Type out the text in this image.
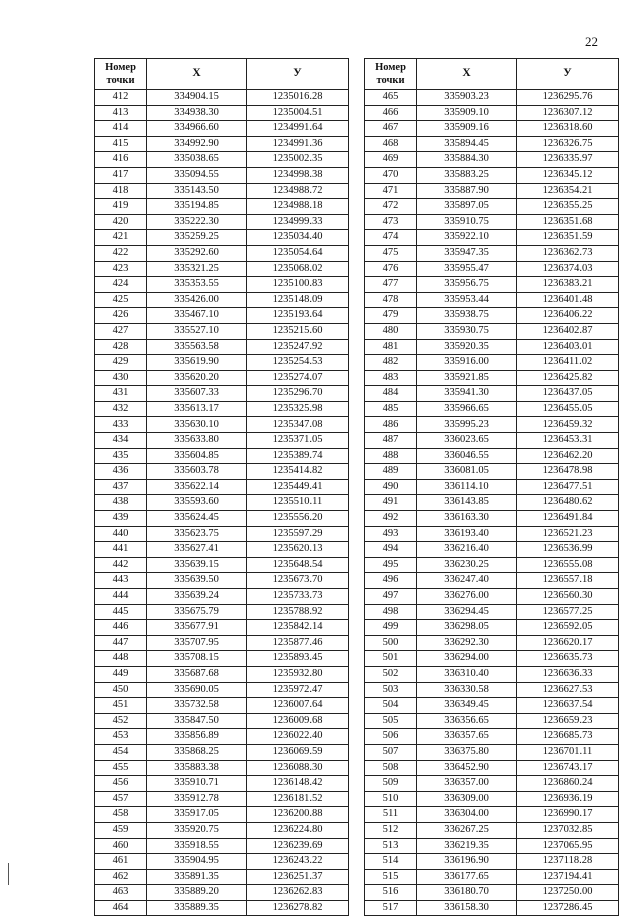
22
Номер
точки	X	У
412	334904.15	1235016.28
413	334938.30	1235004.51
414	334966.60	1234991.64
415	334992.90	1234991.36
416	335038.65	1235002.35
417	335094.55	1234998.38
418	335143.50	1234988.72
419	335194.85	1234988.18
420	335222.30	1234999.33
421	335259.25	1235034.40
422	335292.60	1235054.64
423	335321.25	1235068.02
424	335353.55	1235100.83
425	335426.00	1235148.09
426	335467.10	1235193.64
427	335527.10	1235215.60
428	335563.58	1235247.92
429	335619.90	1235254.53
430	335620.20	1235274.07
431	335607.33	1235296.70
432	335613.17	1235325.98
433	335630.10	1235347.08
434	335633.80	1235371.05
435	335604.85	1235389.74
436	335603.78	1235414.82
437	335622.14	1235449.41
438	335593.60	1235510.11
439	335624.45	1235556.20
440	335623.75	1235597.29
441	335627.41	1235620.13
442	335639.15	1235648.54
443	335639.50	1235673.70
444	335639.24	1235733.73
445	335675.79	1235788.92
446	335677.91	1235842.14
447	335707.95	1235877.46
448	335708.15	1235893.45
449	335687.68	1235932.80
450	335690.05	1235972.47
451	335732.58	1236007.64
452	335847.50	1236009.68
453	335856.89	1236022.40
454	335868.25	1236069.59
455	335883.38	1236088.30
456	335910.71	1236148.42
457	335912.78	1236181.52
458	335917.05	1236200.88
459	335920.75	1236224.80
460	335918.55	1236239.69
461	335904.95	1236243.22
462	335891.35	1236251.37
463	335889.20	1236262.83
464	335889.35	1236278.82
Номер
точки	X	У
465	335903.23	1236295.76
466	335909.10	1236307.12
467	335909.16	1236318.60
468	335894.45	1236326.75
469	335884.30	1236335.97
470	335883.25	1236345.12
471	335887.90	1236354.21
472	335897.05	1236355.25
473	335910.75	1236351.68
474	335922.10	1236351.59
475	335947.35	1236362.73
476	335955.47	1236374.03
477	335956.75	1236383.21
478	335953.44	1236401.48
479	335938.75	1236406.22
480	335930.75	1236402.87
481	335920.35	1236403.01
482	335916.00	1236411.02
483	335921.85	1236425.82
484	335941.30	1236437.05
485	335966.65	1236455.05
486	335995.23	1236459.32
487	336023.65	1236453.31
488	336046.55	1236462.20
489	336081.05	1236478.98
490	336114.10	1236477.51
491	336143.85	1236480.62
492	336163.30	1236491.84
493	336193.40	1236521.23
494	336216.40	1236536.99
495	336230.25	1236555.08
496	336247.40	1236557.18
497	336276.00	1236560.30
498	336294.45	1236577.25
499	336298.05	1236592.05
500	336292.30	1236620.17
501	336294.00	1236635.73
502	336310.40	1236636.33
503	336330.58	1236627.53
504	336349.45	1236637.54
505	336356.65	1236659.23
506	336357.65	1236685.73
507	336375.80	1236701.11
508	336452.90	1236743.17
509	336357.00	1236860.24
510	336309.00	1236936.19
511	336304.00	1236990.17
512	336267.25	1237032.85
513	336219.35	1237065.95
514	336196.90	1237118.28
515	336177.65	1237194.41
516	336180.70	1237250.00
517	336158.30	1237286.45
